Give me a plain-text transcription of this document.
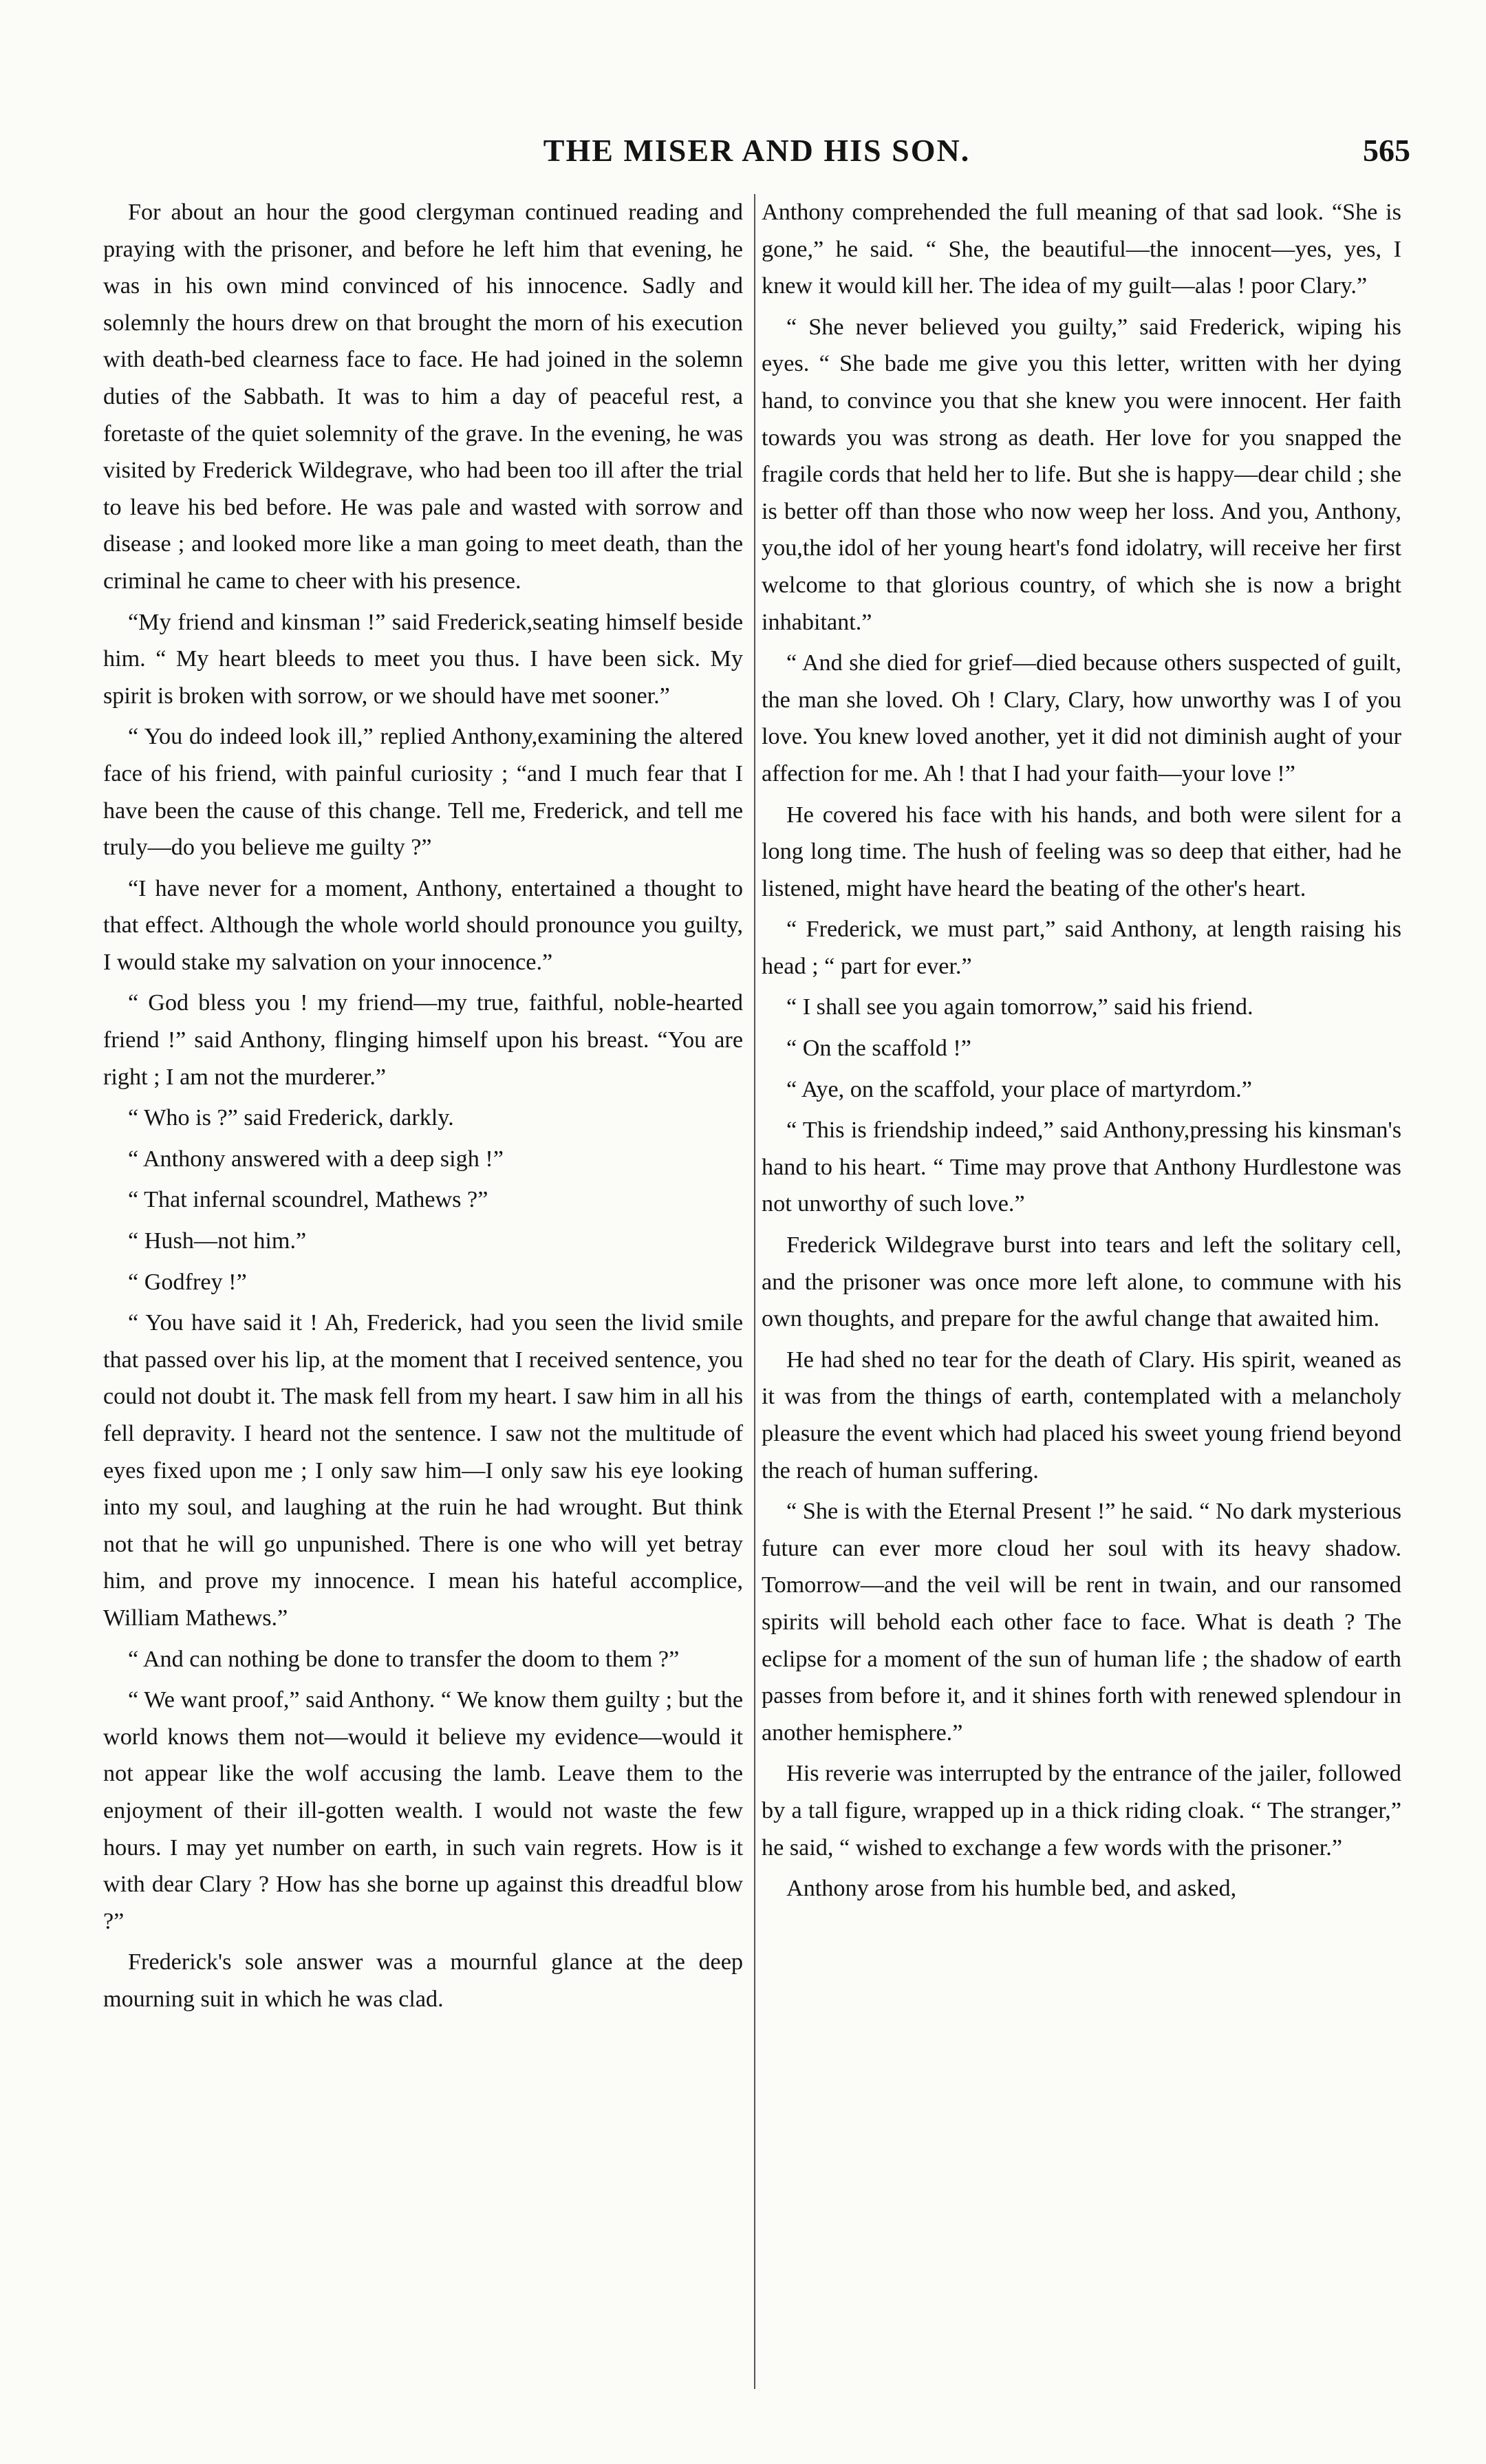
THE MISER AND HIS SON.	565

For about an hour the good clergyman continued reading and praying with the prisoner, and before he left him that evening, he was in his own mind convinced of his innocence. Sadly and solemnly the hours drew on that brought the morn of his execution with death-bed clearness face to face. He had joined in the solemn duties of the Sabbath. It was to him a day of peaceful rest, a foretaste of the quiet solemnity of the grave. In the evening, he was visited by Frederick Wildegrave, who had been too ill after the trial to leave his bed before. He was pale and wasted with sorrow and disease ; and looked more like a man going to meet death, than the criminal he came to cheer with his presence.

“My friend and kinsman !” said Frederick,seating himself beside him. “ My heart bleeds to meet you thus. I have been sick. My spirit is broken with sorrow, or we should have met sooner.”

“ You do indeed look ill,” replied Anthony,examining the altered face of his friend, with painful curiosity ; “and I much fear that I have been the cause of this change. Tell me, Frederick, and tell me truly—do you believe me guilty ?”

“I have never for a moment, Anthony, entertained a thought to that effect. Although the whole world should pronounce you guilty, I would stake my salvation on your innocence.”

“ God bless you ! my friend—my true, faithful, noble-hearted friend !” said Anthony, flinging himself upon his breast. “You are right ; I am not the murderer.”

“ Who is ?” said Frederick, darkly.

“ Anthony answered with a deep sigh !”

“ That infernal scoundrel, Mathews ?”

“ Hush—not him.”

“ Godfrey !”

“ You have said it ! Ah, Frederick, had you seen the livid smile that passed over his lip, at the moment that I received sentence, you could not doubt it. The mask fell from my heart. I saw him in all his fell depravity. I heard not the sentence. I saw not the multitude of eyes fixed upon me ; I only saw him—I only saw his eye looking into my soul, and laughing at the ruin he had wrought. But think not that he will go unpunished. There is one who will yet betray him, and prove my innocence. I mean his hateful accomplice, William Mathews.”

“ And can nothing be done to transfer the doom to them ?”

“ We want proof,” said Anthony. “ We know them guilty ; but the world knows them not—would it believe my evidence—would it not appear like the wolf accusing the lamb. Leave them to the enjoyment of their ill-gotten wealth. I would not waste the few hours. I may yet number on earth, in such vain regrets. How is it with dear Clary ? How has she borne up against this dreadful blow ?”

Frederick's sole answer was a mournful glance at the deep mourning suit in which he was clad.

Anthony comprehended the full meaning of that sad look. “She is gone,” he said. “ She, the beautiful—the innocent—yes, yes, I knew it would kill her. The idea of my guilt—alas ! poor Clary.”

“ She never believed you guilty,” said Frederick, wiping his eyes. “ She bade me give you this letter, written with her dying hand, to convince you that she knew you were innocent. Her faith towards you was strong as death. Her love for you snapped the fragile cords that held her to life. But she is happy—dear child ; she is better off than those who now weep her loss. And you, Anthony, you,the idol of her young heart's fond idolatry, will receive her first welcome to that glorious country, of which she is now a bright inhabitant.”

“ And she died for grief—died because others suspected of guilt, the man she loved. Oh ! Clary, Clary, how unworthy was I of you love. You knew loved another, yet it did not diminish aught of your affection for me. Ah ! that I had your faith—your love !”

He covered his face with his hands, and both were silent for a long long time. The hush of feeling was so deep that either, had he listened, might have heard the beating of the other's heart.

“ Frederick, we must part,” said Anthony, at length raising his head ; “ part for ever.”

“ I shall see you again tomorrow,” said his friend.

“ On the scaffold !”

“ Aye, on the scaffold, your place of martyrdom.”

“ This is friendship indeed,” said Anthony,pressing his kinsman's hand to his heart. “ Time may prove that Anthony Hurdlestone was not unworthy of such love.”

Frederick Wildegrave burst into tears and left the solitary cell, and the prisoner was once more left alone, to commune with his own thoughts, and prepare for the awful change that awaited him.

He had shed no tear for the death of Clary. His spirit, weaned as it was from the things of earth, contemplated with a melancholy pleasure the event which had placed his sweet young friend beyond the reach of human suffering.

“ She is with the Eternal Present !” he said. “ No dark mysterious future can ever more cloud her soul with its heavy shadow. Tomorrow—and the veil will be rent in twain, and our ransomed spirits will behold each other face to face. What is death ? The eclipse for a moment of the sun of human life ; the shadow of earth passes from before it, and it shines forth with renewed splendour in another hemisphere.”

His reverie was interrupted by the entrance of the jailer, followed by a tall figure, wrapped up in a thick riding cloak. “ The stranger,” he said, “ wished to exchange a few words with the prisoner.”

Anthony arose from his humble bed, and asked,
